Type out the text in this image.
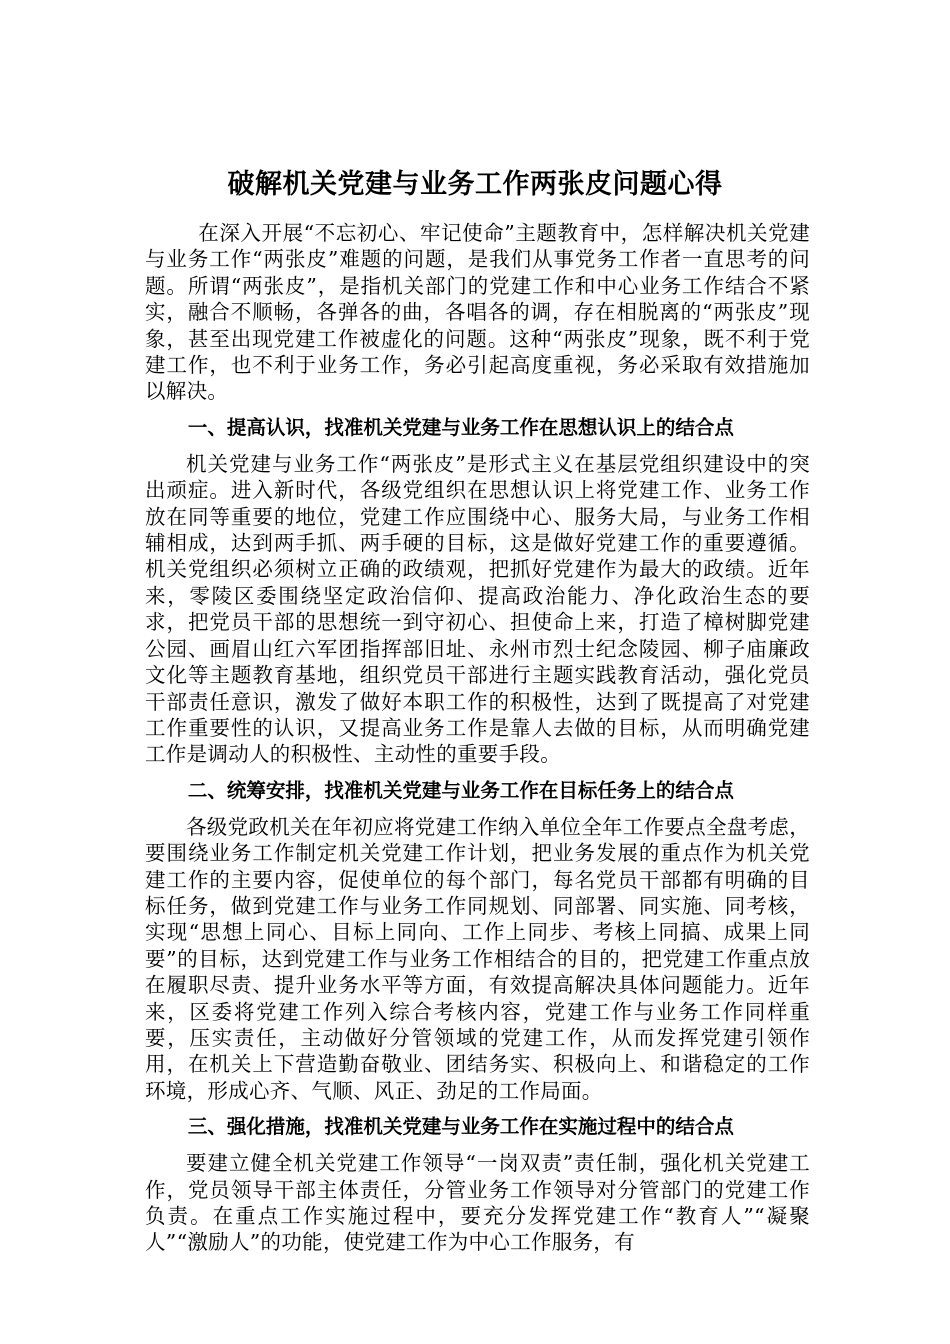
破解机关党建与业务工作两张皮问题心得

在深入开展“不忘初心、牢记使命”主题教育中，怎样解决机关党建与业务工作“两张皮”难题的问题，是我们从事党务工作者一直思考的问题。所谓“两张皮”，是指机关部门的党建工作和中心业务工作结合不紧实，融合不顺畅，各弹各的曲，各唱各的调，存在相脱离的“两张皮”现象，甚至出现党建工作被虚化的问题。这种“两张皮”现象，既不利于党建工作，也不利于业务工作，务必引起高度重视，务必采取有效措施加以解决。

一、提高认识，找准机关党建与业务工作在思想认识上的结合点

机关党建与业务工作“两张皮”是形式主义在基层党组织建设中的突出顽症。进入新时代，各级党组织在思想认识上将党建工作、业务工作放在同等重要的地位，党建工作应围绕中心、服务大局，与业务工作相辅相成，达到两手抓、两手硬的目标，这是做好党建工作的重要遵循。机关党组织必须树立正确的政绩观，把抓好党建作为最大的政绩。近年来，零陵区委围绕坚定政治信仰、提高政治能力、净化政治生态的要求，把党员干部的思想统一到守初心、担使命上来，打造了樟树脚党建公园、画眉山红六军团指挥部旧址、永州市烈士纪念陵园、柳子庙廉政文化等主题教育基地，组织党员干部进行主题实践教育活动，强化党员干部责任意识，激发了做好本职工作的积极性，达到了既提高了对党建工作重要性的认识，又提高业务工作是靠人去做的目标，从而明确党建工作是调动人的积极性、主动性的重要手段。

二、统筹安排，找准机关党建与业务工作在目标任务上的结合点

各级党政机关在年初应将党建工作纳入单位全年工作要点全盘考虑，要围绕业务工作制定机关党建工作计划，把业务发展的重点作为机关党建工作的主要内容，促使单位的每个部门，每名党员干部都有明确的目标任务，做到党建工作与业务工作同规划、同部署、同实施、同考核，实现“思想上同心、目标上同向、工作上同步、考核上同搞、成果上同要”的目标，达到党建工作与业务工作相结合的目的，把党建工作重点放在履职尽责、提升业务水平等方面，有效提高解决具体问题能力。近年来，区委将党建工作列入综合考核内容，党建工作与业务工作同样重要，压实责任，主动做好分管领域的党建工作，从而发挥党建引领作用，在机关上下营造勤奋敬业、团结务实、积极向上、和谐稳定的工作环境，形成心齐、气顺、风正、劲足的工作局面。

三、强化措施，找准机关党建与业务工作在实施过程中的结合点

要建立健全机关党建工作领导“一岗双责”责任制，强化机关党建工作，党员领导干部主体责任，分管业务工作领导对分管部门的党建工作负责。在重点工作实施过程中，要充分发挥党建工作“教育人”“凝聚人”“激励人”的功能，使党建工作为中心工作服务，有
